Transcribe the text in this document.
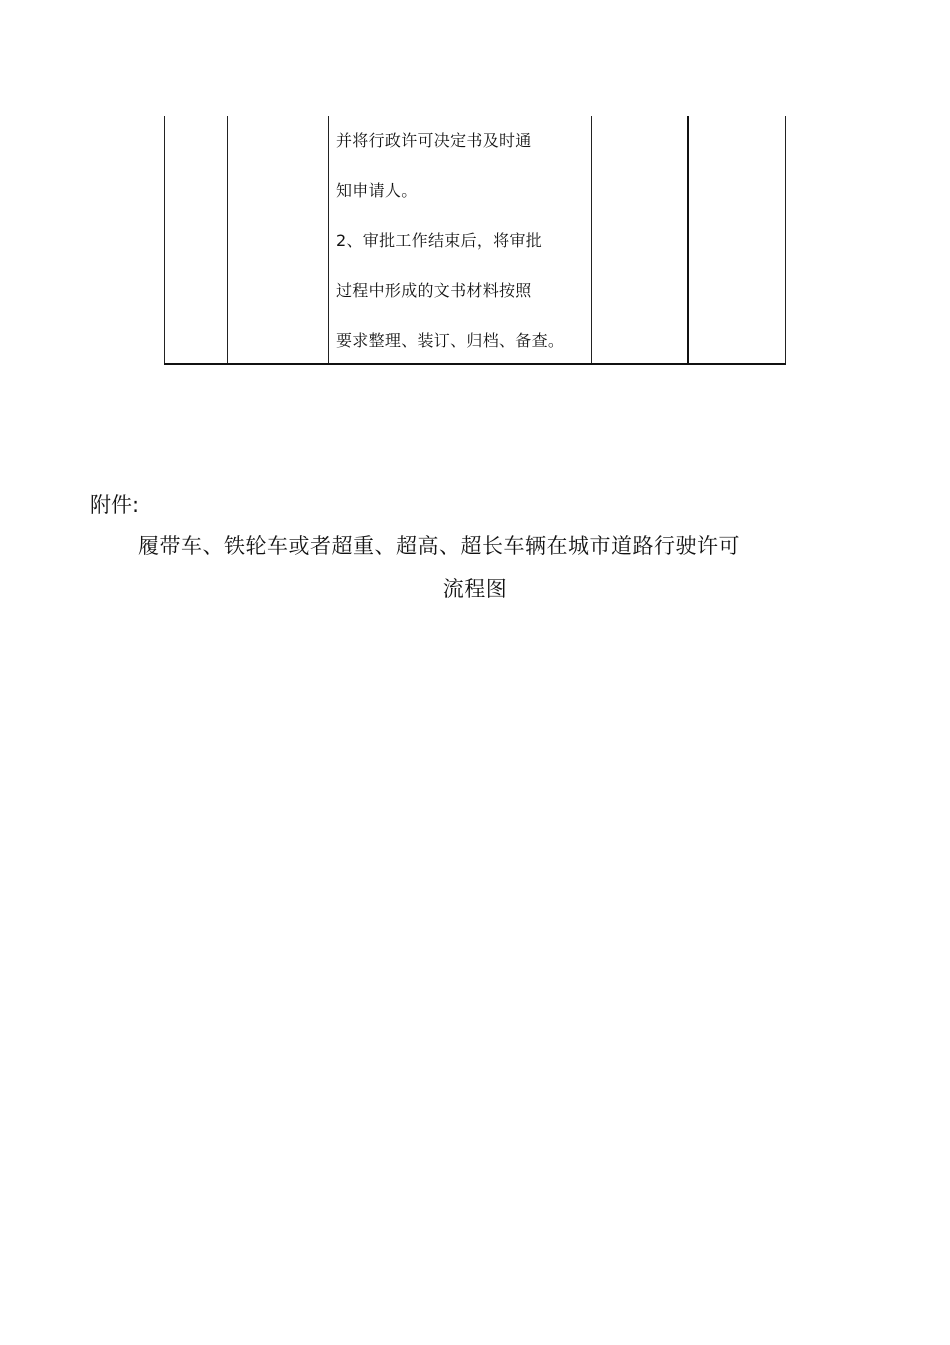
并将行政许可决定书及时通
知申请人。
2、审批工作结束后，将审批
过程中形成的文书材料按照
要求整理、装订、归档、备查。
附件:
履带车、铁轮车或者超重、超高、超长车辆在城市道路行驶许可
流程图
